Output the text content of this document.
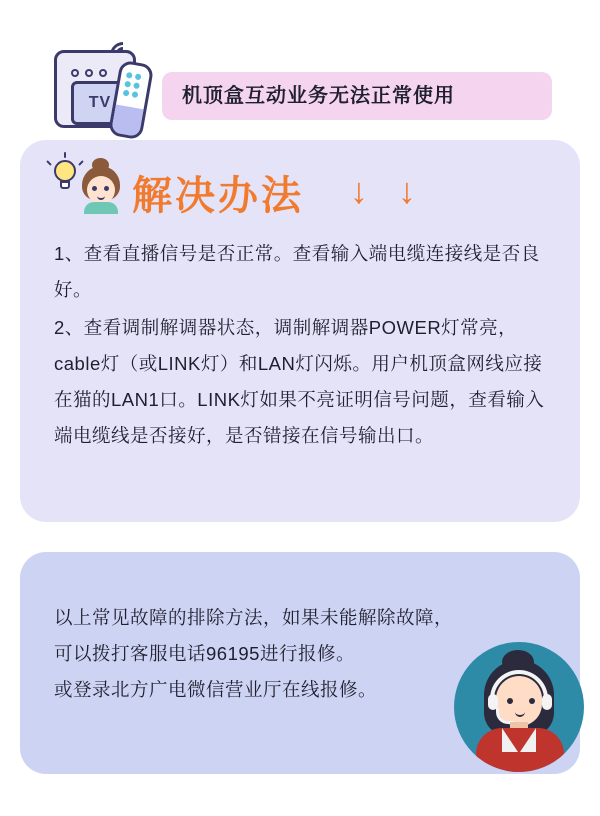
TV	机顶盒互动业务无法正常使用
解决办法 ↓ ↓

1、查看直播信号是否正常。查看输入端电缆连接线是否良好。

2、查看调制解调器状态，调制解调器POWER灯常亮，cable灯（或LINK灯）和LAN灯闪烁。用户机顶盒网线应接在猫的LAN1口。LINK灯如果不亮证明信号问题，查看输入端电缆线是否接好，是否错接在信号输出口。

以上常见故障的排除方法，如果未能解除故障，

可以拨打客服电话96195进行报修。

或登录北方广电微信营业厅在线报修。
